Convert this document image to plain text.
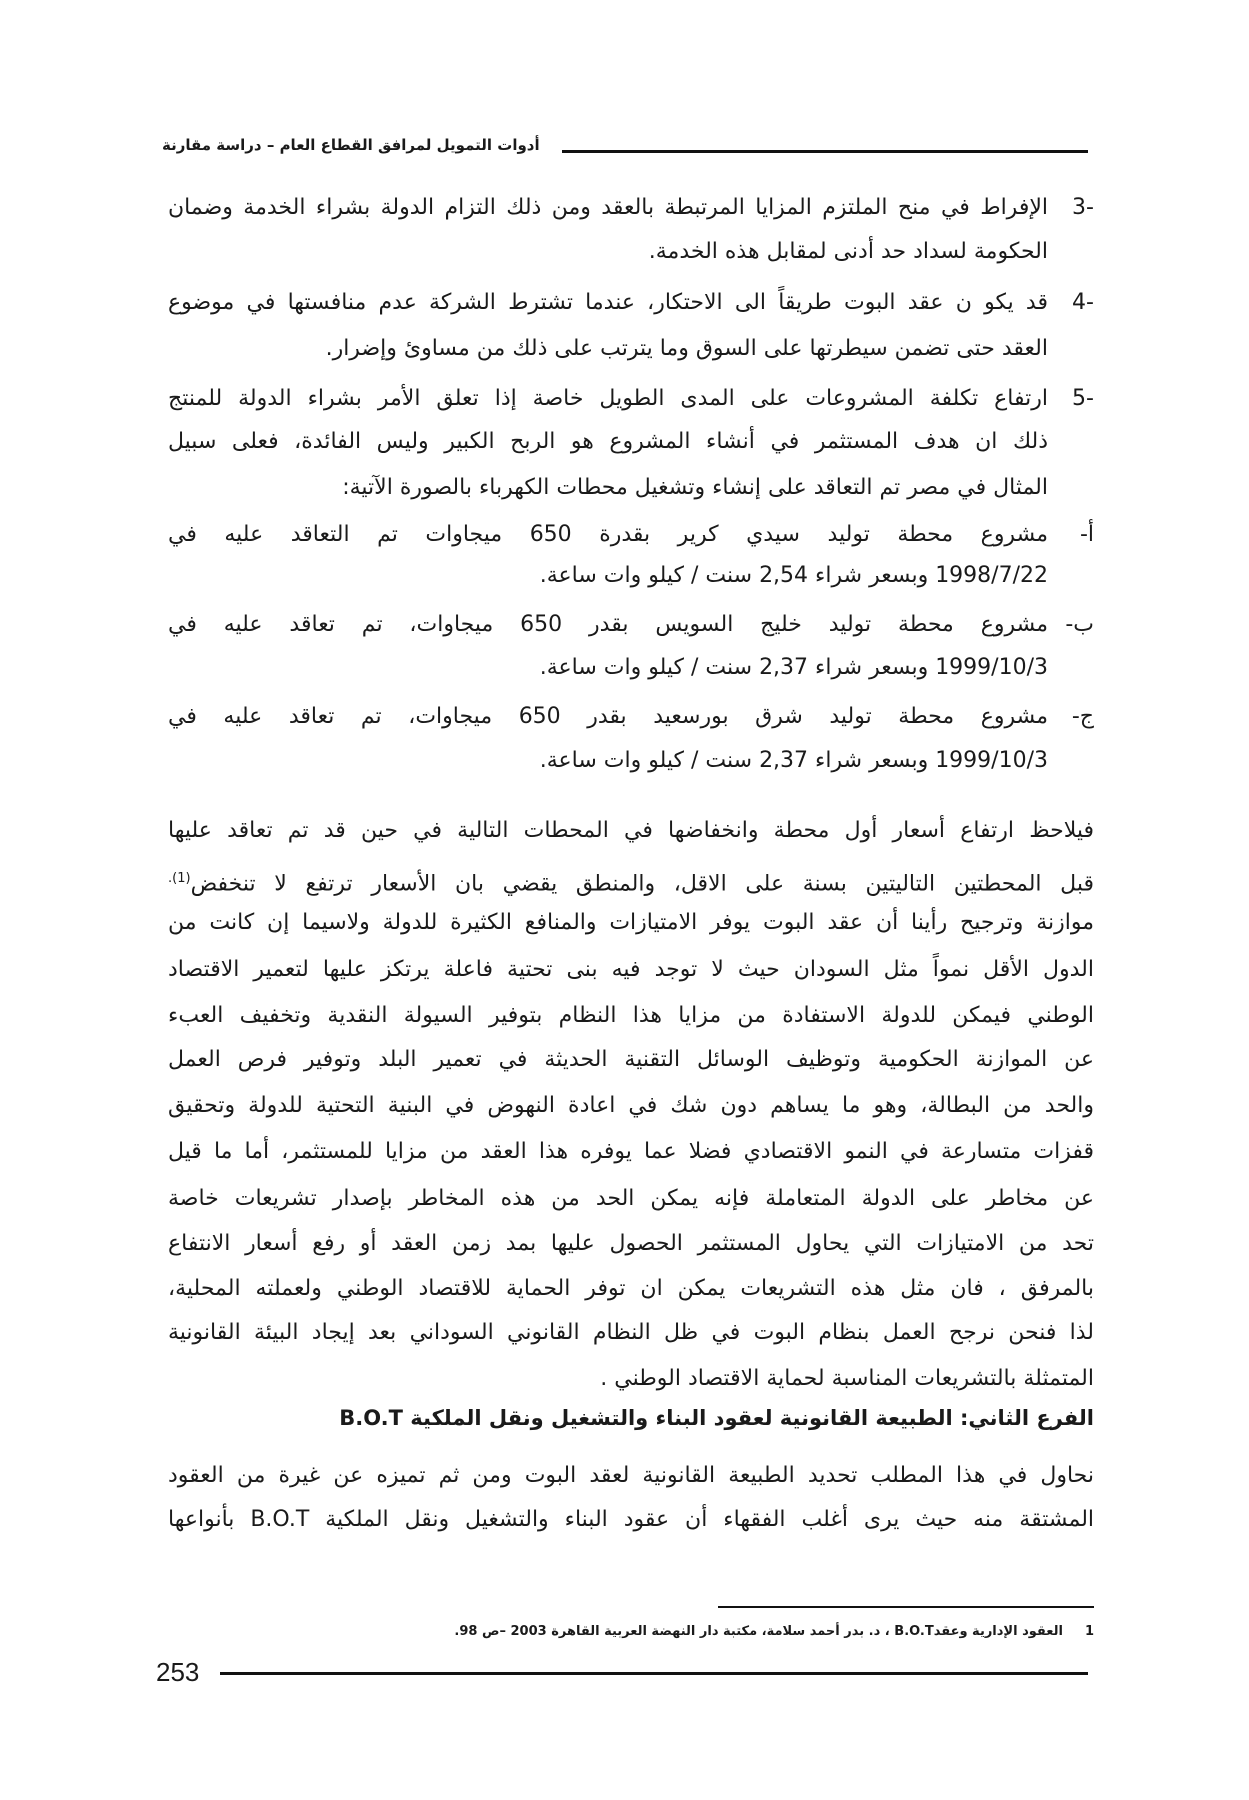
أدوات التمويل لمرافق القطاع العام – دراسة مقارنة
-3
الإفراط في منح الملتزم المزايا المرتبطة بالعقد ومن ذلك التزام الدولة بشراء الخدمة وضمان
الحكومة لسداد حد أدنى لمقابل هذه الخدمة.
-4
قد يكو ن عقد البوت طريقاً الى الاحتكار، عندما تشترط الشركة عدم منافستها في موضوع
العقد حتى تضمن سيطرتها على السوق وما يترتب على ذلك من مساوئ وإضرار.
-5
ارتفاع تكلفة المشروعات على المدى الطويل خاصة إذا تعلق الأمر بشراء الدولة للمنتج
ذلك ان هدف المستثمر في أنشاء المشروع هو الربح الكبير وليس الفائدة، فعلى سبيل
المثال في مصر تم التعاقد على إنشاء وتشغيل محطات الكهرباء بالصورة الآتية:
أ-
مشروع محطة توليد سيدي كرير بقدرة 650 ميجاوات تم التعاقد عليه في
1998/7/22 وبسعر شراء 2,54 سنت / كيلو وات ساعة.
ب-
مشروع محطة توليد خليج السويس بقدر 650 ميجاوات، تم تعاقد عليه في
1999/10/3 وبسعر شراء 2,37 سنت / كيلو وات ساعة.
ج-
مشروع محطة توليد شرق بورسعيد بقدر 650 ميجاوات، تم تعاقد عليه في
1999/10/3 وبسعر شراء 2,37 سنت / كيلو وات ساعة.
فيلاحظ ارتفاع أسعار أول محطة وانخفاضها في المحطات التالية في حين قد تم تعاقد عليها
قبل المحطتين التاليتين بسنة على الاقل، والمنطق يقضي بان الأسعار ترتفع لا تنخفض$^{(1).}$
موازنة وترجيح رأينا أن عقد البوت يوفر الامتيازات والمنافع الكثيرة للدولة ولاسيما إن كانت من
الدول الأقل نمواً مثل السودان حيث لا توجد فيه بنى تحتية فاعلة يرتكز عليها لتعمير الاقتصاد
الوطني فيمكن للدولة الاستفادة من مزايا هذا النظام بتوفير السيولة النقدية وتخفيف العبء
عن الموازنة الحكومية وتوظيف الوسائل التقنية الحديثة في تعمير البلد وتوفير فرص العمل
والحد من البطالة، وهو ما يساهم دون شك في اعادة النهوض في البنية التحتية للدولة وتحقيق
قفزات متسارعة في النمو الاقتصادي فضلا عما يوفره هذا العقد من مزايا للمستثمر، أما ما قيل
عن مخاطر على الدولة المتعاملة فإنه يمكن الحد من هذه المخاطر بإصدار تشريعات خاصة
تحد من الامتيازات التي يحاول المستثمر الحصول عليها بمد زمن العقد أو رفع أسعار الانتفاع
بالمرفق ، فان مثل هذه التشريعات يمكن ان توفر الحماية للاقتصاد الوطني ولعملته المحلية،
لذا فنحن نرجح العمل بنظام البوت في ظل النظام القانوني السوداني بعد إيجاد البيئة القانونية
المتمثلة بالتشريعات المناسبة لحماية الاقتصاد الوطني .
الفرع الثاني: الطبيعة القانونية لعقود البناء والتشغيل ونقل الملكية B.O.T
نحاول في هذا المطلب تحديد الطبيعة القانونية لعقد البوت ومن ثم تميزه عن غيرة من العقود
المشتقة منه حيث يرى أغلب الفقهاء أن عقود البناء والتشغيل ونقل الملكية B.O.T بأنواعها
1العقود الإدارية وعقدB.O.T ، د. بدر أحمد سلامة، مكتبة دار النهضة العربية القاهرة 2003 –ص 98.
253
